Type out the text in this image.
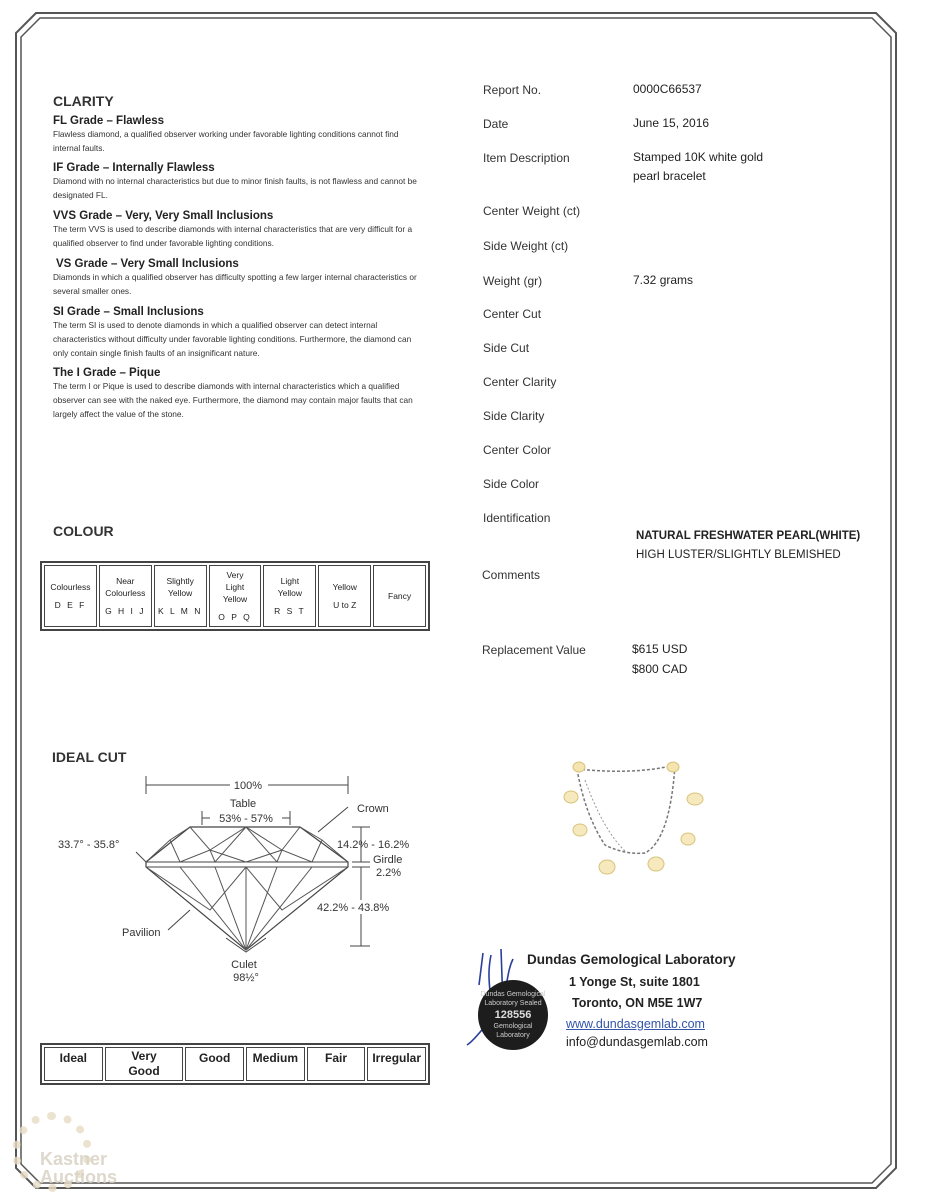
CLARITY
FL Grade – Flawless
Flawless diamond, a qualified observer working under favorable lighting conditions cannot find internal faults.
IF Grade – Internally Flawless
Diamond with no internal characteristics but due to minor finish faults, is not flawless and cannot be designated FL.
VVS Grade – Very, Very Small Inclusions
The term VVS is used to describe diamonds with internal characteristics that are very difficult for a qualified observer to find under favorable lighting conditions.
VS Grade – Very Small Inclusions
Diamonds in which a qualified observer has difficulty spotting a few larger internal characteristics or several smaller ones.
SI Grade – Small Inclusions
The term SI is used to denote diamonds in which a qualified observer can detect internal characteristics without difficulty under favorable lighting conditions. Furthermore, the diamond can only contain single finish faults of an insignificant nature.
The I Grade – Pique
The term I or Pique is used to describe diamonds with internal characteristics which a qualified observer can see with the naked eye. Furthermore, the diamond may contain major faults that can largely affect the value of the stone.
COLOUR
Colourless
D E F
Near Colourless
G H I J
Slightly Yellow
K L M N
Very Light Yellow
O P Q
Light Yellow
R S T
Yellow
U to Z
Fancy
IDEAL CUT
100%
Table
53% - 57%
Crown
33.7° - 35.8°	14.2% - 16.2%
Girdle
2.2%
42.2% - 43.8%
Pavilion
Culet
98½°
Ideal	Very Good
Good	Medium	Fair	Irregular
Report No.	0000C66537
Date	June 15, 2016
Item Description	Stamped 10K white gold pearl bracelet
Center Weight (ct)
Side Weight (ct)
Weight (gr)	7.32 grams
Center Cut
Side Cut
Center Clarity
Side Clarity
Center Color
Side Color
Identification
NATURAL FRESHWATER PEARL(WHITE)
HIGH LUSTER/SLIGHTLY BLEMISHED
Comments
Replacement Value	$615 USD
$800 CAD
Dundas Gemological Laboratory Sealed
128556
Gemological Laboratory
Dundas Gemological Laboratory
1 Yonge St, suite 1801
Toronto, ON M5E 1W7
www.dundasgemlab.com
info@dundasgemlab.com
Kastner Auctions
